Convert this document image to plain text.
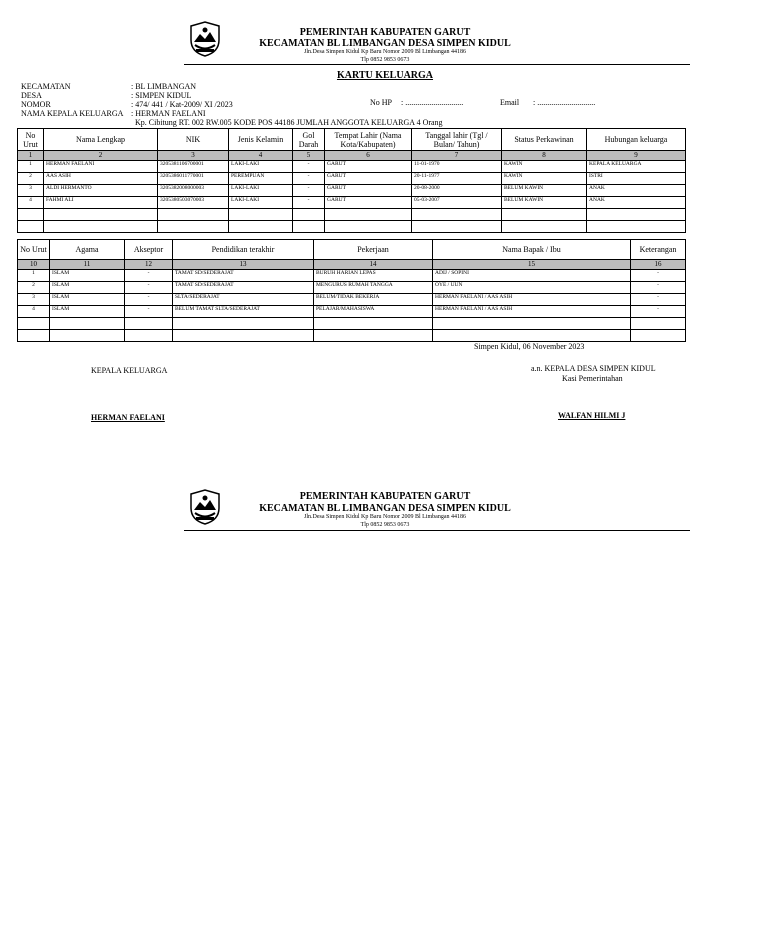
PEMERINTAH KABUPATEN GARUT
KECAMATAN BL LIMBANGAN DESA SIMPEN KIDUL
Jln.Desa Simpen Kidul Kp Baru Nomor 2009 Bl Limbangan 44186
Tlp 0852 9853 0673
KARTU KELUARGA
KECAMATAN	: BL LIMBANGAN
DESA	: SIMPEN KIDUL
NOMOR	: 474/ 441 / Kat-2009/ XI /2023
NAMA KEPALA KELUARGA : HERMAN FAELANI
No HP : .............................	Email : .............................
Kp. Cibitung RT. 002 RW.005 KODE POS 44186 JUMLAH ANGGOTA KELUARGA 4 Orang
No Urut	Nama Lengkap	NIK	Jenis Kelamin	Gol Darah	Tempat Lahir (Nama Kota/Kabupaten)	Tanggal lahir (Tgl / Bulan/ Tahun)	Status Perkawinan	Hubungan keluarga
1	2	3	4	5	6	7	8	9
1	HERMAN FAELANI	3205381106700001	LAKI-LAKI	-	GARUT	11-01-1970	KAWIN	KEPALA KELUARGA
2	AAS ASIH	3205386011770001	PEREMPUAN	-	GARUT	20-11-1977	KAWIN	ISTRI
3	ALDI HERMANTO	3205382008000003	LAKI-LAKI	-	GARUT	20-08-2000	BELUM KAWIN	ANAK
4	FAHMI ALI	3205380503070003	LAKI-LAKI	-	GARUT	05-03-2007	BELUM KAWIN	ANAK

No Urut	Agama	Akseptor	Pendidikan terakhir	Pekerjaan	Nama Bapak / Ibu	Keterangan
10	11	12	13	14	15	16
1	ISLAM	-	TAMAT SD/SEDERAJAT	BURUH HARIAN LEPAS	ADIJ / SOPINI	-
2	ISLAM	-	TAMAT SD/SEDERAJAT	MENGURUS RUMAH TANGGA	OYE / UUN	-
3	ISLAM	-	SLTA/SEDERAJAT	BELUM/TIDAK BEKERJA	HERMAN FAELANI / AAS ASIH	-
4	ISLAM	-	BELUM TAMAT SLTA/SEDERAJAT	PELAJAR/MAHASISWA	HERMAN FAELANI / AAS ASIH	-

Simpen Kidul, 06 November 2023
KEPALA KELUARGA	a.n. KEPALA DESA SIMPEN KIDUL
Kasi Pemerintahan
HERMAN FAELANI	WALFAN HILMI J
PEMERINTAH KABUPATEN GARUT
KECAMATAN BL LIMBANGAN DESA SIMPEN KIDUL
Jln.Desa Simpen Kidul Kp Baru Nomor 2009 Bl Limbangan 44186
Tlp 0852 9853 0673
